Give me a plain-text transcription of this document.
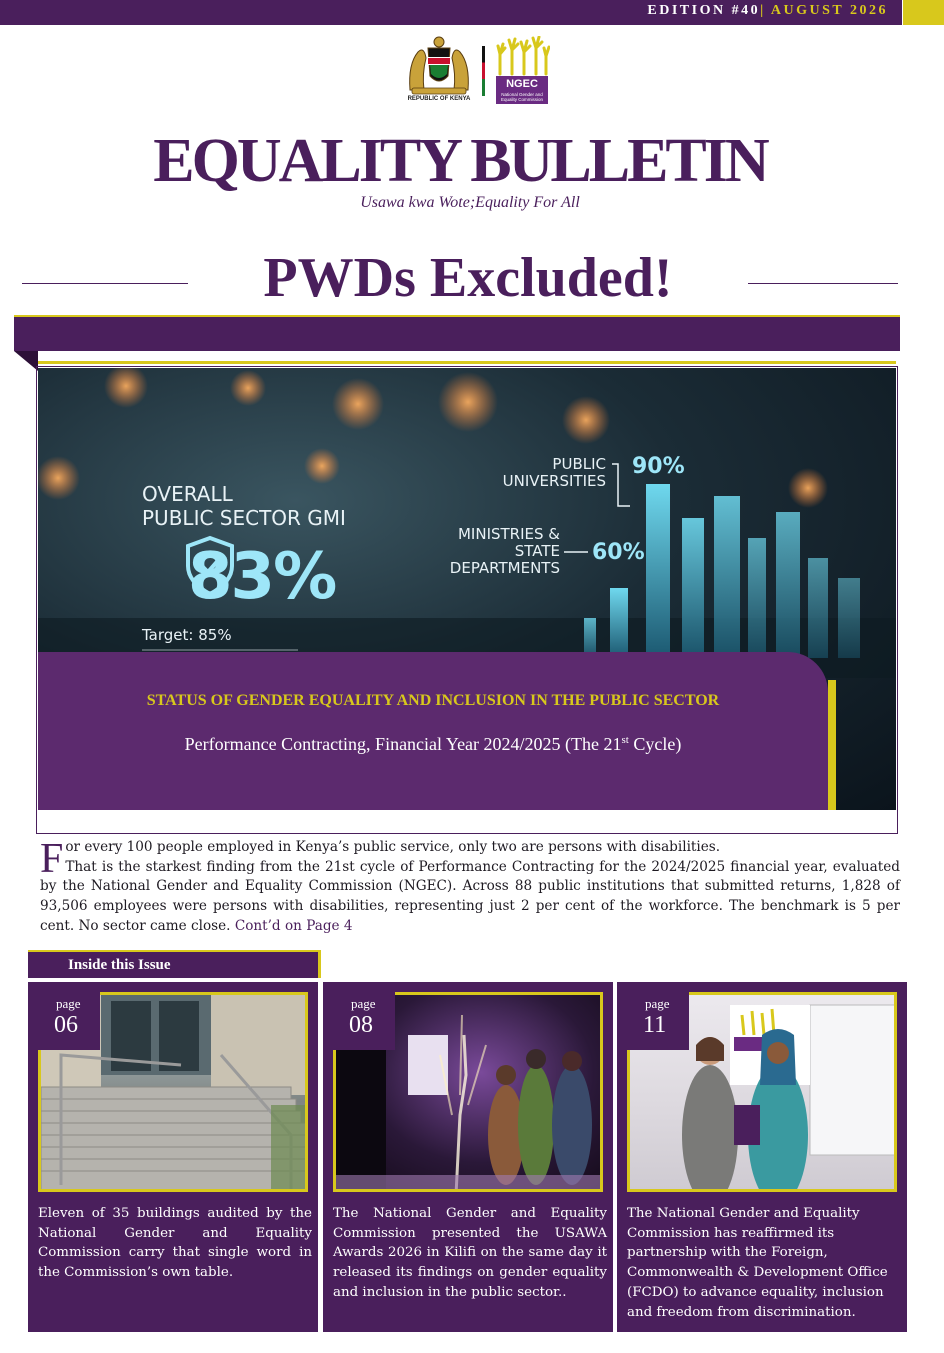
EDITION #40| AUGUST 2026
REPUBLIC OF KENYA
NGEC
National Gender and Equality Commission
EQUALITY BULLETIN
Usawa kwa Wote;Equality For All
PWDs Excluded!
OVERALL
PUBLIC SECTOR GMI
83%
Target: 85%
PUBLIC
UNIVERSITIES
90%
MINISTRIES &
STATE
DEPARTMENTS
60%
STATUS OF GENDER EQUALITY AND INCLUSION IN THE PUBLIC SECTOR
Performance Contracting, Financial Year 2024/2025 (The 21st Cycle)
F or every 100 people employed in Kenya’s public service, only two are persons with disabilities.
That is the starkest finding from the 21st cycle of Performance Contracting for the 2024/2025 financial year, evaluated by the National Gender and Equality Commission (NGEC). Across 88 public institutions that submitted returns, 1,828 of 93,506 employees were persons with disabilities, representing just 2 per cent of the workforce. The benchmark is 5 per cent. No sector came close. Cont’d on Page 4
Inside this Issue
page
06
Eleven of 35 buildings audited by the National Gender and Equality Commission carry that single word in the Commission’s own table.
page
08
The National Gender and Equality Commission presented the USAWA Awards 2026 in Kilifi on the same day it released its findings on gender equality and inclusion in the public sector..
page
11
The National Gender and Equality Commission has reaffirmed its partnership with the Foreign, Commonwealth & Development Office (FCDO) to advance equality, inclusion and freedom from discrimination.
